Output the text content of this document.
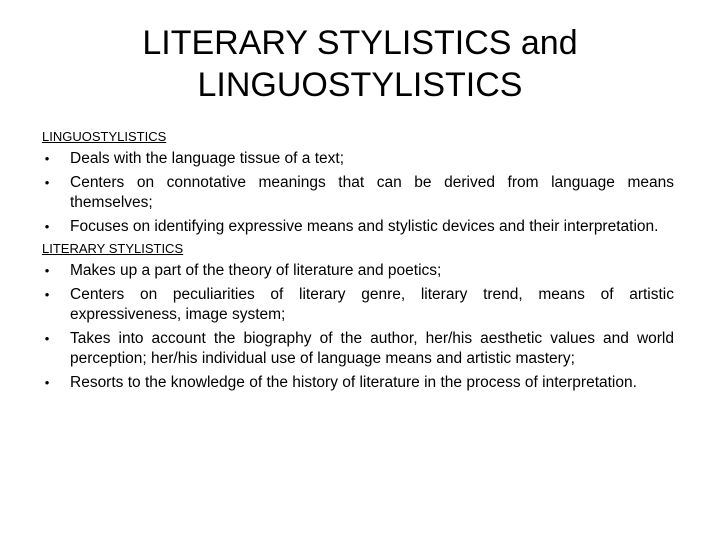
LITERARY STYLISTICS and
LINGUOSTYLISTICS

LINGUOSTYLISTICS

• Deals with the language tissue of a text;
• Centers on connotative meanings that can be derived from language means themselves;
• Focuses on identifying expressive means and stylistic devices and their interpretation.

LITERARY STYLISTICS

• Makes up a part of the theory of literature and poetics;
• Centers on peculiarities of literary genre, literary trend, means of artistic expressiveness, image system;
• Takes into account the biography of the author, her/his aesthetic values and world perception; her/his individual use of language means and artistic mastery;
• Resorts to the knowledge of the history of literature in the process of interpretation.
